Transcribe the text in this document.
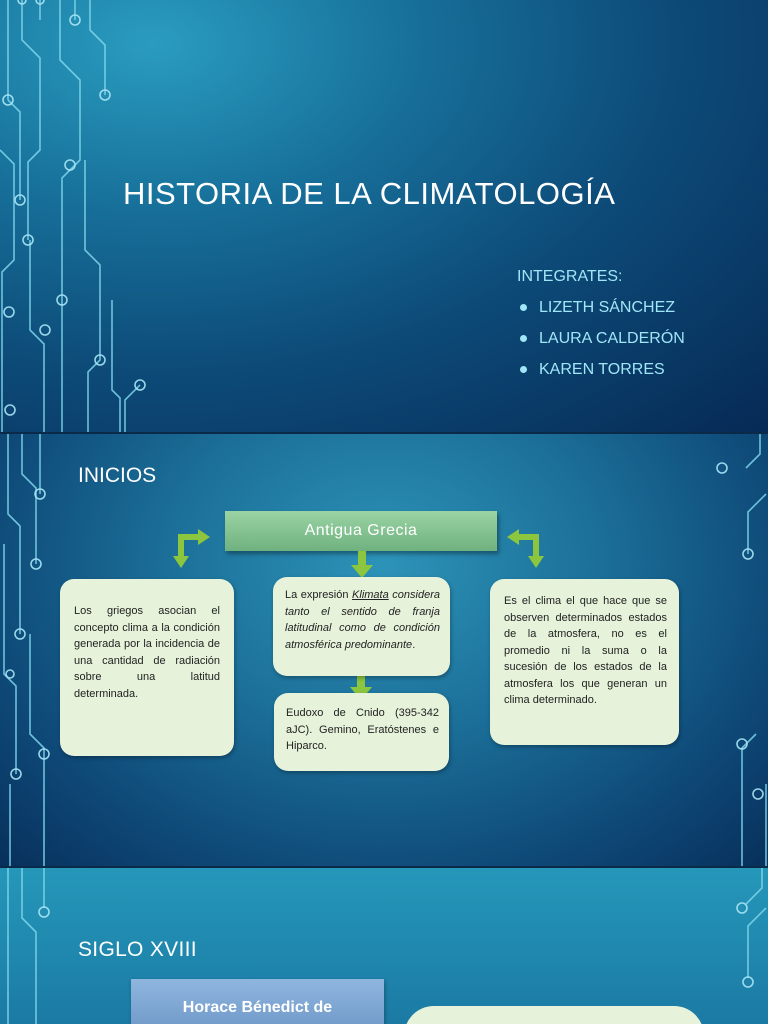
HISTORIA DE LA CLIMATOLOGÍA
INTEGRATES:
LIZETH SÁNCHEZ
LAURA CALDERÓN
KAREN TORRES
INICIOS
Antigua Grecia
Los griegos asocian el concepto clima a la condición generada por la incidencia de una cantidad de radiación sobre una latitud determinada.
La expresión Klimata considera tanto el sentido de franja latitudinal como de condición atmosférica predominante.
Eudoxo de Cnido (395-342 aJC). Gemino, Eratóstenes e Hiparco.
Es el clima el que hace que se observen determinados estados de la atmosfera, no es el promedio ni la suma o la sucesión de los estados de la atmosfera los que generan un clima determinado.
SIGLO XVIII
Horace Bénedict de
